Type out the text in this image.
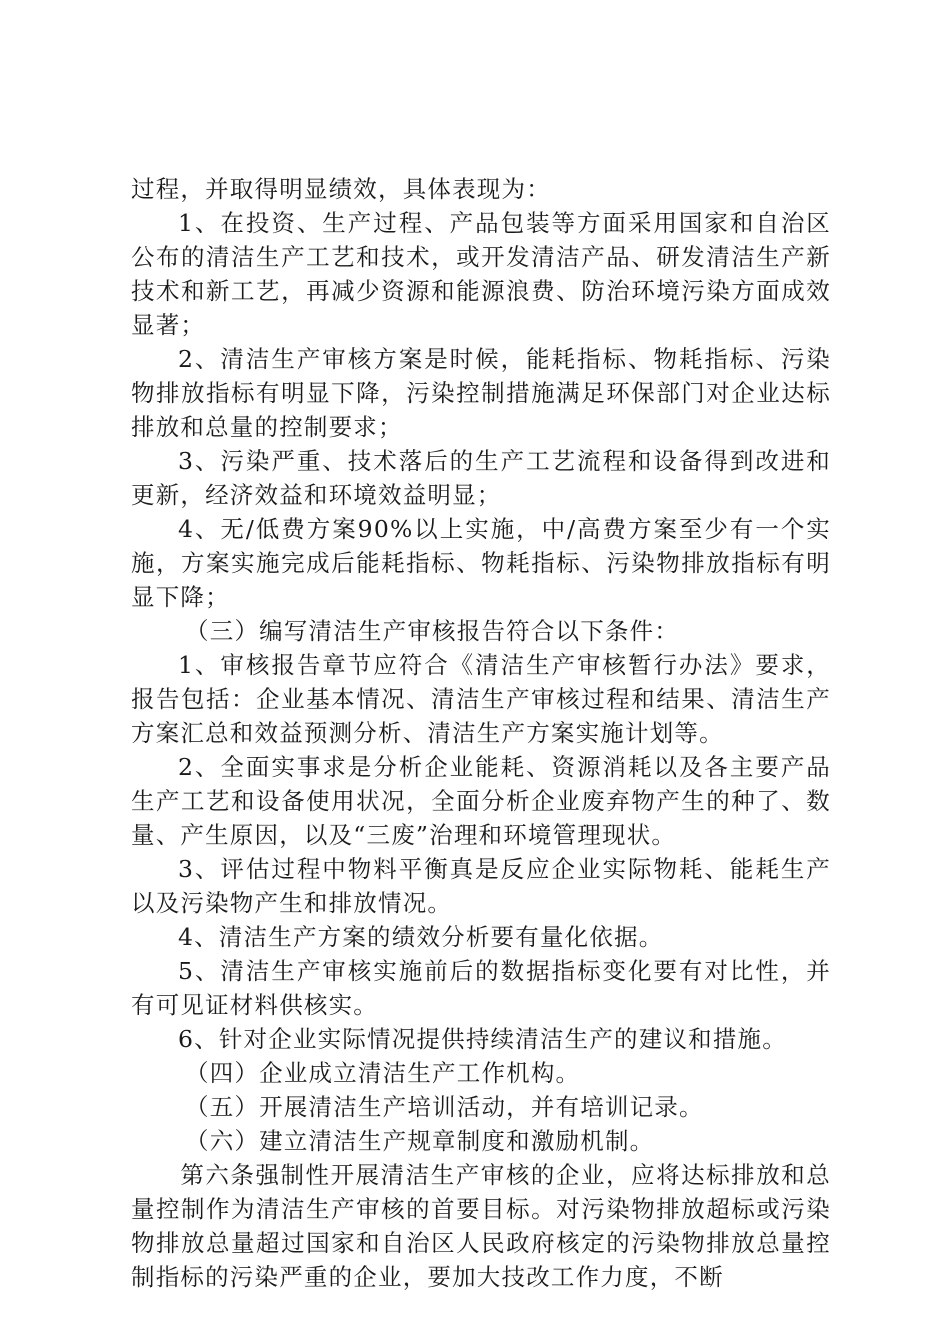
过程，并取得明显绩效，具体表现为：

1、在投资、生产过程、产品包装等方面采用国家和自治区公布的清洁生产工艺和技术，或开发清洁产品、研发清洁生产新技术和新工艺，再减少资源和能源浪费、防治环境污染方面成效显著；

2、清洁生产审核方案是时候，能耗指标、物耗指标、污染物排放指标有明显下降，污染控制措施满足环保部门对企业达标排放和总量的控制要求；

3、污染严重、技术落后的生产工艺流程和设备得到改进和更新，经济效益和环境效益明显；

4、无/低费方案90%以上实施，中/高费方案至少有一个实施，方案实施完成后能耗指标、物耗指标、污染物排放指标有明显下降；

（三）编写清洁生产审核报告符合以下条件：

1、审核报告章节应符合《清洁生产审核暂行办法》要求，报告包括：企业基本情况、清洁生产审核过程和结果、清洁生产方案汇总和效益预测分析、清洁生产方案实施计划等。

2、全面实事求是分析企业能耗、资源消耗以及各主要产品生产工艺和设备使用状况，全面分析企业废弃物产生的种了、数量、产生原因，以及“三废”治理和环境管理现状。

3、评估过程中物料平衡真是反应企业实际物耗、能耗生产以及污染物产生和排放情况。

4、清洁生产方案的绩效分析要有量化依据。

5、清洁生产审核实施前后的数据指标变化要有对比性，并有可见证材料供核实。

6、针对企业实际情况提供持续清洁生产的建议和措施。

（四）企业成立清洁生产工作机构。

（五）开展清洁生产培训活动，并有培训记录。

（六）建立清洁生产规章制度和激励机制。

第六条强制性开展清洁生产审核的企业，应将达标排放和总量控制作为清洁生产审核的首要目标。对污染物排放超标或污染物排放总量超过国家和自治区人民政府核定的污染物排放总量控制指标的污染严重的企业，要加大技改工作力度，不断
